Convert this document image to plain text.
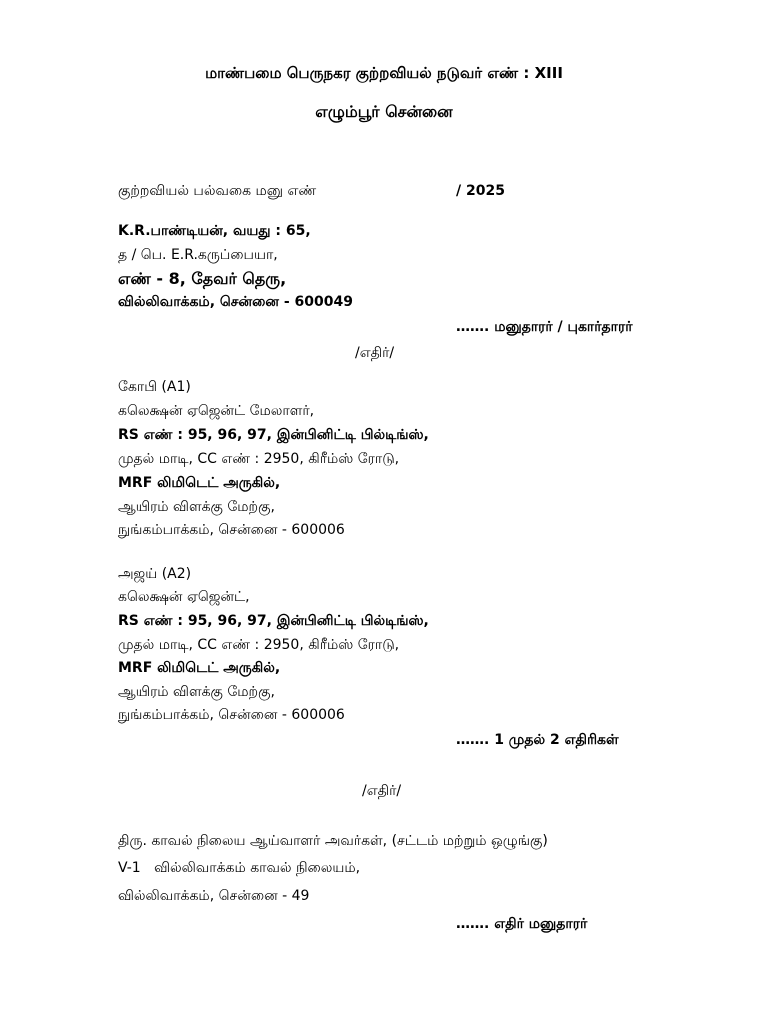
மாண்பமை பெருநகர குற்றவியல் நடுவர் எண் : XIII
எழும்பூர் சென்னை
குற்றவியல் பல்வகை மனு எண்	/ 2025
K.R.பாண்டியன், வயது : 65,
த / பெ. E.R.கருப்பையா,
எண் - 8, தேவர் தெரு,
வில்லிவாக்கம், சென்னை - 600049
……. மனுதாரர் / புகார்தாரர்
/எதிர்/
கோபி (A1)
கலெக்ஷன் ஏஜென்ட் மேலாளர்,
RS எண் : 95, 96, 97, இன்பினிட்டி பில்டிங்ஸ்,
முதல் மாடி, CC எண் : 2950, கிரீம்ஸ் ரோடு,
MRF லிமிடெட் அருகில்,
ஆயிரம் விளக்கு மேற்கு,
நுங்கம்பாக்கம், சென்னை - 600006
அஜய் (A2)
கலெக்ஷன் ஏஜென்ட்,
RS எண் : 95, 96, 97, இன்பினிட்டி பில்டிங்ஸ்,
முதல் மாடி, CC எண் : 2950, கிரீம்ஸ் ரோடு,
MRF லிமிடெட் அருகில்,
ஆயிரம் விளக்கு மேற்கு,
நுங்கம்பாக்கம், சென்னை - 600006
……. 1 முதல் 2 எதிரிகள்
/எதிர்/
திரு. காவல் நிலைய ஆய்வாளர் அவர்கள், (சட்டம் மற்றும் ஒழுங்கு)
V-1   வில்லிவாக்கம் காவல் நிலையம்,
வில்லிவாக்கம், சென்னை - 49
……. எதிர் மனுதாரர்
